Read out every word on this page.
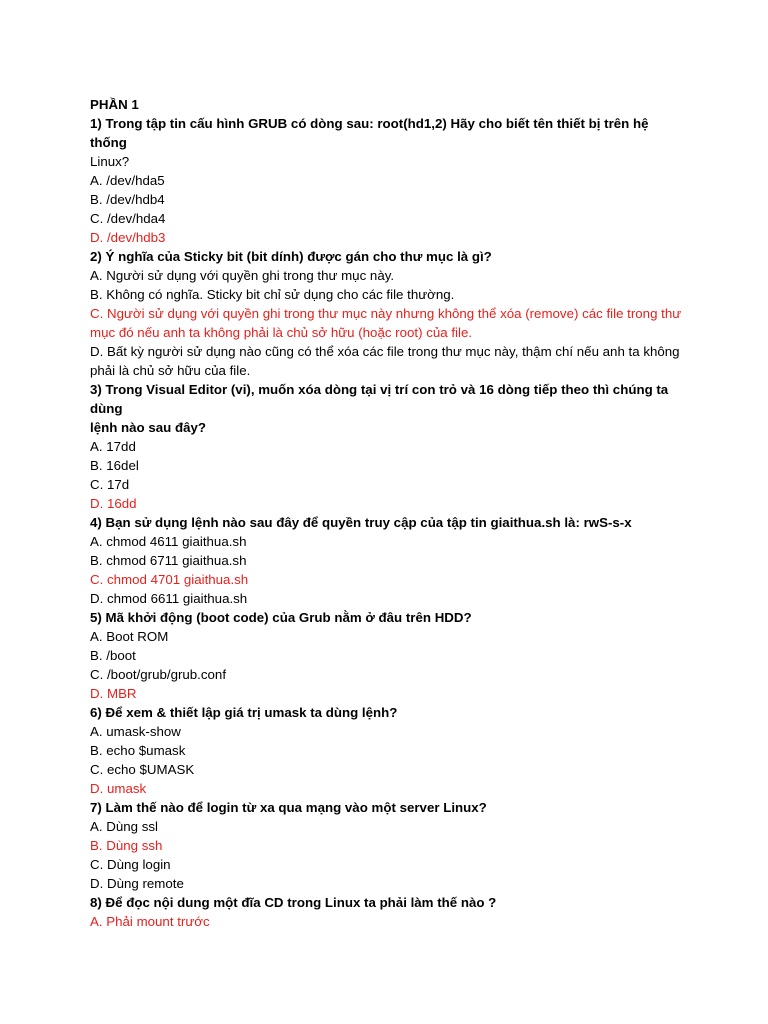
PHẦN 1
1) Trong tập tin cấu hình GRUB có dòng sau: root(hd1,2) Hãy cho biết tên thiết bị trên hệ
thống
Linux?
A. /dev/hda5
B. /dev/hdb4
C. /dev/hda4
D. /dev/hdb3
2) Ý nghĩa của Sticky bit (bit dính) được gán cho thư mục là gì?
A. Người sử dụng với quyền ghi trong thư mục này.
B. Không có nghĩa. Sticky bit chỉ sử dụng cho các file thường.
C. Người sử dụng với quyền ghi trong thư mục này nhưng không thể xóa (remove) các file trong thư mục đó nếu anh ta không phải là chủ sở hữu (hoặc root) của file.
D. Bất kỳ người sử dụng nào cũng có thể xóa các file trong thư mục này, thậm chí nếu anh ta không phải là chủ sở hữu của file.
3) Trong Visual Editor (vi), muốn xóa dòng tại vị trí con trỏ và 16 dòng tiếp theo thì chúng ta
dùng
lệnh nào sau đây?
A. 17dd
B. 16del
C. 17d
D. 16dd
4) Bạn sử dụng lệnh nào sau đây để quyền truy cập của tập tin giaithua.sh là: rwS-s-x
A. chmod 4611 giaithua.sh
B. chmod 6711 giaithua.sh
C. chmod 4701 giaithua.sh
D. chmod 6611 giaithua.sh
5) Mã khởi động (boot code) của Grub nằm ở đâu trên HDD?
A. Boot ROM
B. /boot
C. /boot/grub/grub.conf
D. MBR
6) Để xem & thiết lập giá trị umask ta dùng lệnh?
A. umask-show
B. echo $umask
C. echo $UMASK
D. umask
7) Làm thế nào để login từ xa qua mạng vào một server Linux?
A. Dùng ssl
B. Dùng ssh
C. Dùng login
D. Dùng remote
8) Để đọc nội dung một đĩa CD trong Linux ta phải làm thế nào ?
A. Phải mount trước
